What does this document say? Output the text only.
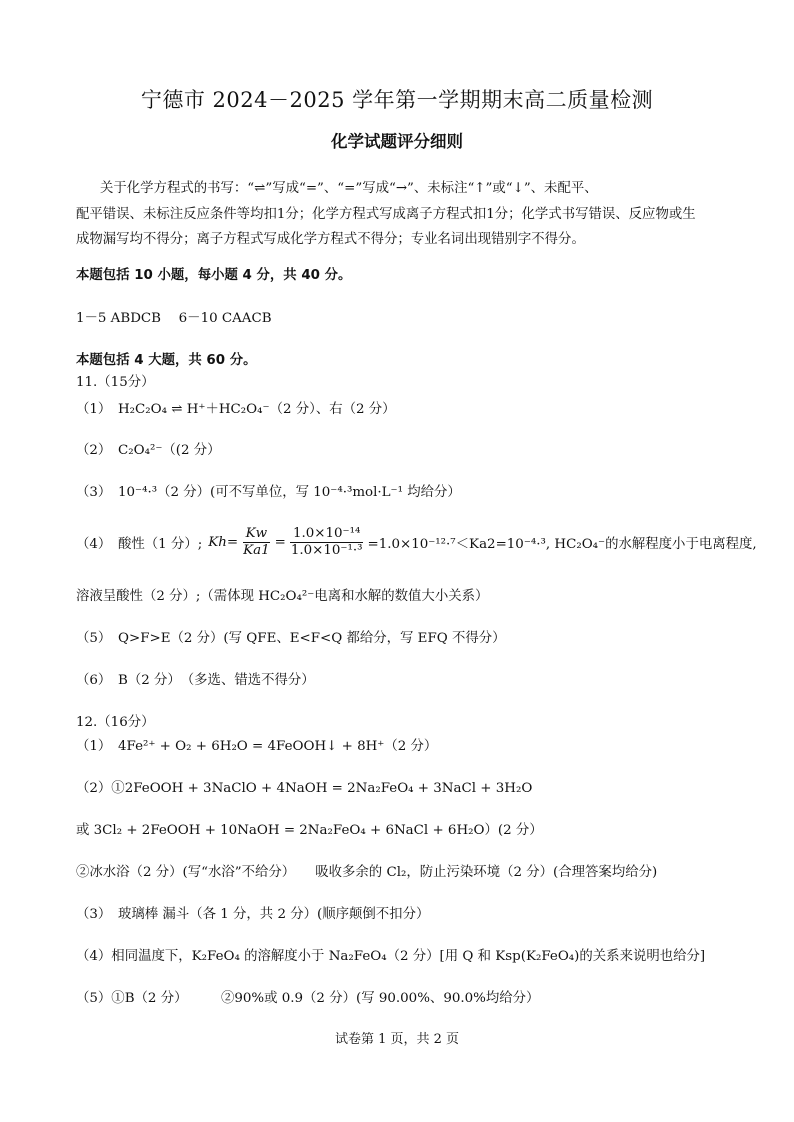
宁德市 2024－2025 学年第一学期期末高二质量检测
化学试题评分细则
关于化学方程式的书写：“⇌”写成“=”、“=”写成“→”、未标注“↑”或“↓”、未配平、
配平错误、未标注反应条件等均扣1分；化学方程式写成离子方程式扣1分；化学式书写错误、反应物或生
成物漏写均不得分；离子方程式写成化学方程式不得分；专业名词出现错别字不得分。
本题包括 10 小题，每小题 4 分，共 40 分。
1－5 ABDCB　 6－10 CAACB
本题包括 4 大题，共 60 分。
11.（15分）
（1）　H₂C₂O₄ ⇌ H⁺＋HC₂O₄⁻（2 分）、右（2 分）
（2）　C₂O₄²⁻（(2 分）
（3）　10⁻⁴·³（2 分）(可不写单位，写 10⁻⁴·³mol·L⁻¹ 均给分）
（4）　酸性（1 分）; $Kh= \frac{Kw}{Ka1} = \frac{\text{1.0×10⁻¹⁴}}{\text{1.0×10⁻¹·³}} =1.0\times 10^{-12}\cdot^7<Ka2=10^{-4}\cdot^3$, HC₂O₄⁻的水解程度小于电离程度,
溶液呈酸性（2 分）;（需体现 HC₂O₄²⁻电离和水解的数值大小关系）
（5）　Q>F>E（2 分）(写 QFE、E<F<Q 都给分，写 EFQ 不得分）
（6）　B（2 分）　（多选、错选不得分）
12.（16分）
（1）　4Fe²⁺ + O₂ + 6H₂O = 4FeOOH↓ + 8H⁺（2 分）
（2）①2FeOOH + 3NaClO + 4NaOH = 2Na₂FeO₄ + 3NaCl + 3H₂O
或 3Cl₂ + 2FeOOH + 10NaOH = 2Na₂FeO₄ + 6NaCl + 6H₂O）(2 分）
②冰水浴（2 分）(写“水浴”不给分）　　吸收多余的 Cl₂，防止污染环境（2 分）(合理答案均给分)
（3）　玻璃棒 漏斗（各 1 分，共 2 分）(顺序颠倒不扣分）
（4）相同温度下，K₂FeO₄ 的溶解度小于 Na₂FeO₄（2 分）[用 Q 和 Ksp(K₂FeO₄)的关系来说明也给分]
（5）①B（2 分）　　　②90%或 0.9（2 分）(写 90.00%、90.0%均给分）
试卷第 1 页，共 2 页
